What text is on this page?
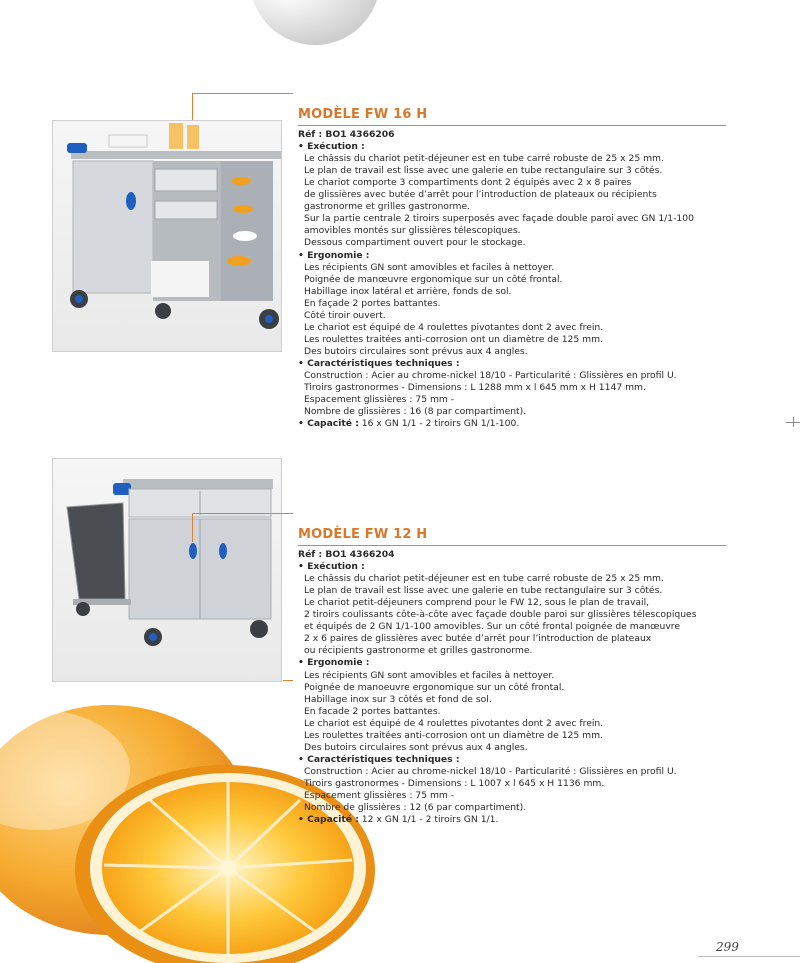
MODÈLE FW 16 H
Réf : BO1 4366206
• Exécution :
Le châssis du chariot petit-déjeuner est en tube carré robuste de 25 x 25 mm.
Le plan de travail est lisse avec une galerie en tube rectangulaire sur 3 côtés.
Le chariot comporte 3 compartiments dont 2 équipés avec 2 x 8 paires
de glissières avec butée d’arrêt pour l’introduction de plateaux ou récipients
gastronorme et grilles gastronorme.
Sur la partie centrale 2 tiroirs superposés avec façade double paroi avec GN 1/1-100
amovibles montés sur glissières télescopiques.
Dessous compartiment ouvert pour le stockage.
• Ergonomie :
Les récipients GN sont amovibles et faciles à nettoyer.
Poignée de manœuvre ergonomique sur un côté frontal.
Habillage inox latéral et arrière, fonds de sol.
En façade 2 portes battantes.
Côté tiroir ouvert.
Le chariot est équipé de 4 roulettes pivotantes dont 2 avec frein.
Les roulettes traitées anti-corrosion ont un diamètre de 125 mm.
Des butoirs circulaires sont prévus aux 4 angles.
• Caractéristiques techniques :
Construction : Acier au chrome-nickel 18/10 - Particularité : Glissières en profil U.
Tiroirs gastronormes - Dimensions : L 1288 mm x l 645 mm x H 1147 mm.
Espacement glissières : 75 mm -
Nombre de glissières : 16 (8 par compartiment).
• Capacité : 16 x GN 1/1 - 2 tiroirs GN 1/1-100.
MODÈLE FW 12 H
Réf : BO1 4366204
• Exécution :
Le châssis du chariot petit-déjeuner est en tube carré robuste de 25 x 25 mm.
Le plan de travail est lisse avec une galerie en tube rectangulaire sur 3 côtés.
Le chariot petit-déjeuners comprend pour le FW 12, sous le plan de travail,
2 tiroirs coulissants côte-à-côte avec façade double paroi sur glissières télescopiques
et équipés de 2 GN 1/1-100 amovibles. Sur un côté frontal poignée de manœuvre
2 x 6 paires de glissières avec butée d’arrêt pour l’introduction de plateaux
ou récipients gastronorme et grilles gastronorme.
• Ergonomie :
Les récipients GN sont amovibles et faciles à nettoyer.
Poignée de manoeuvre ergonomique sur un côté frontal.
Habillage inox sur 3 côtés et fond de sol.
En facade 2 portes battantes.
Le chariot est équipé de 4 roulettes pivotantes dont 2 avec frein.
Les roulettes traitées anti-corrosion ont un diamètre de 125 mm.
Des butoirs circulaires sont prévus aux 4 angles.
• Caractéristiques techniques :
Construction : Acier au chrome-nickel 18/10 - Particularité : Glissières en profil U.
Tiroirs gastronormes - Dimensions : L 1007 x l 645 x H 1136 mm.
Espacement glissières : 75 mm -
Nombre de glissières : 12 (6 par compartiment).
• Capacité : 12 x GN 1/1 - 2 tiroirs GN 1/1.
299
